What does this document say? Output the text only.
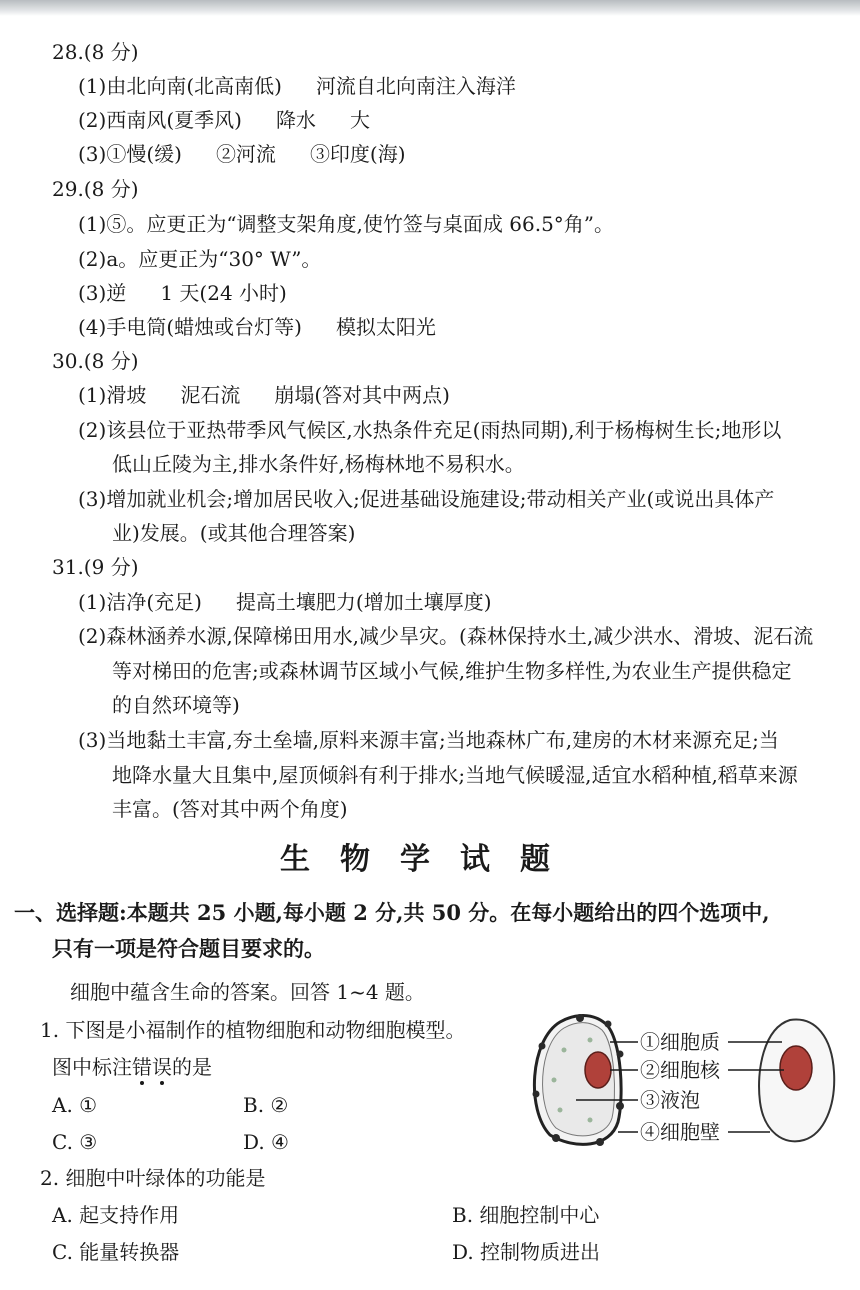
28.(8 分)
(1)由北向南(北高南低) 河流自北向南注入海洋
(2)西南风(夏季风) 降水 大
(3)①慢(缓) ②河流 ③印度(海)
29.(8 分)
(1)⑤。应更正为“调整支架角度,使竹签与桌面成 66.5°角”。
(2)a。应更正为“30° W”。
(3)逆 1 天(24 小时)
(4)手电筒(蜡烛或台灯等) 模拟太阳光
30.(8 分)
(1)滑坡 泥石流 崩塌(答对其中两点)
(2)该县位于亚热带季风气候区,水热条件充足(雨热同期),利于杨梅树生长;地形以
低山丘陵为主,排水条件好,杨梅林地不易积水。
(3)增加就业机会;增加居民收入;促进基础设施建设;带动相关产业(或说出具体产
业)发展。(或其他合理答案)
31.(9 分)
(1)洁净(充足) 提高土壤肥力(增加土壤厚度)
(2)森林涵养水源,保障梯田用水,减少旱灾。(森林保持水土,减少洪水、滑坡、泥石流
等对梯田的危害;或森林调节区域小气候,维护生物多样性,为农业生产提供稳定
的自然环境等)
(3)当地黏土丰富,夯土垒墙,原料来源丰富;当地森林广布,建房的木材来源充足;当
地降水量大且集中,屋顶倾斜有利于排水;当地气候暖湿,适宜水稻种植,稻草来源
丰富。(答对其中两个角度)
生物学试题
一、选择题:本题共 25 小题,每小题 2 分,共 50 分。在每小题给出的四个选项中,
只有一项是符合题目要求的。
细胞中蕴含生命的答案。回答 1~4 题。
1. 下图是小福制作的植物细胞和动物细胞模型。
图中标注错误
的是
A. ①	B. ②
C. ③	D. ④
①细胞质
②细胞核
③液泡
④细胞壁
2. 细胞中叶绿体的功能是
A. 起支持作用	B. 细胞控制中心
C. 能量转换器	D. 控制物质进出
